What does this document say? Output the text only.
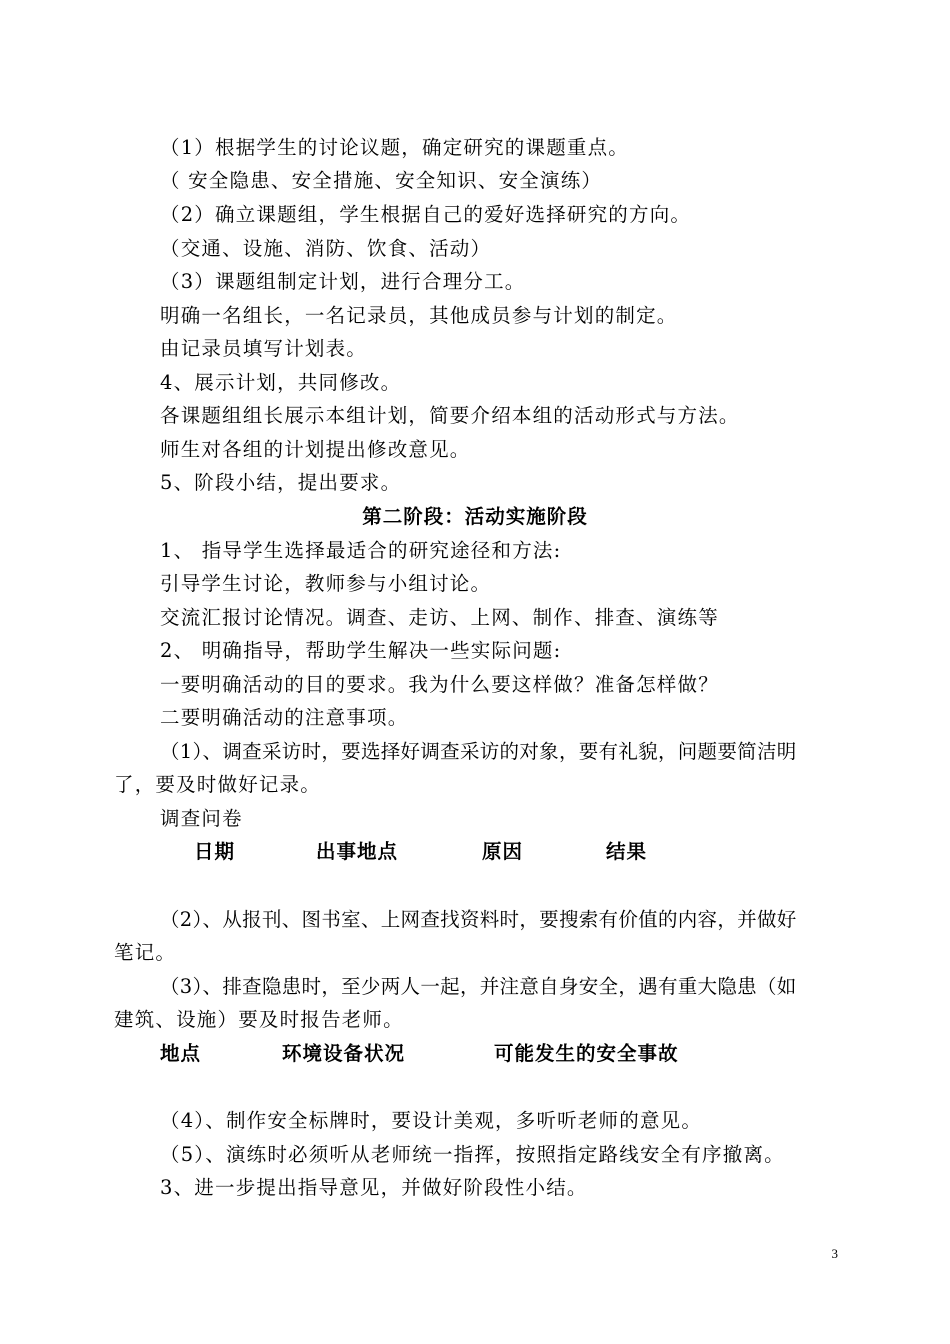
（1）根据学生的讨论议题，确定研究的课题重点。
（ 安全隐患、安全措施、安全知识、安全演练）
（2）确立课题组，学生根据自己的爱好选择研究的方向。
（交通、设施、消防、饮食、活动）
（3）课题组制定计划，进行合理分工。
明确一名组长，一名记录员，其他成员参与计划的制定。
由记录员填写计划表。
4、展示计划，共同修改。
各课题组组长展示本组计划，简要介绍本组的活动形式与方法。
师生对各组的计划提出修改意见。
5、阶段小结，提出要求。
第二阶段：活动实施阶段
1、 指导学生选择最适合的研究途径和方法:
引导学生讨论，教师参与小组讨论。
交流汇报讨论情况。调查、走访、上网、制作、排查、演练等
2、 明确指导，帮助学生解决一些实际问题:
一要明确活动的目的要求。我为什么要这样做？准备怎样做？
二要明确活动的注意事项。
（1）、调查采访时，要选择好调查采访的对象，要有礼貌，问题要简洁明
了，要及时做好记录。
调查问卷
日期	出事地点	原因	结果
（2）、从报刊、图书室、上网查找资料时，要搜索有价值的内容，并做好
笔记。
（3）、排查隐患时，至少两人一起，并注意自身安全，遇有重大隐患（如
建筑、设施）要及时报告老师。
地点	环境设备状况	可能发生的安全事故
（4）、制作安全标牌时，要设计美观，多听听老师的意见。
（5）、演练时必须听从老师统一指挥，按照指定路线安全有序撤离。
3、进一步提出指导意见，并做好阶段性小结。
3
